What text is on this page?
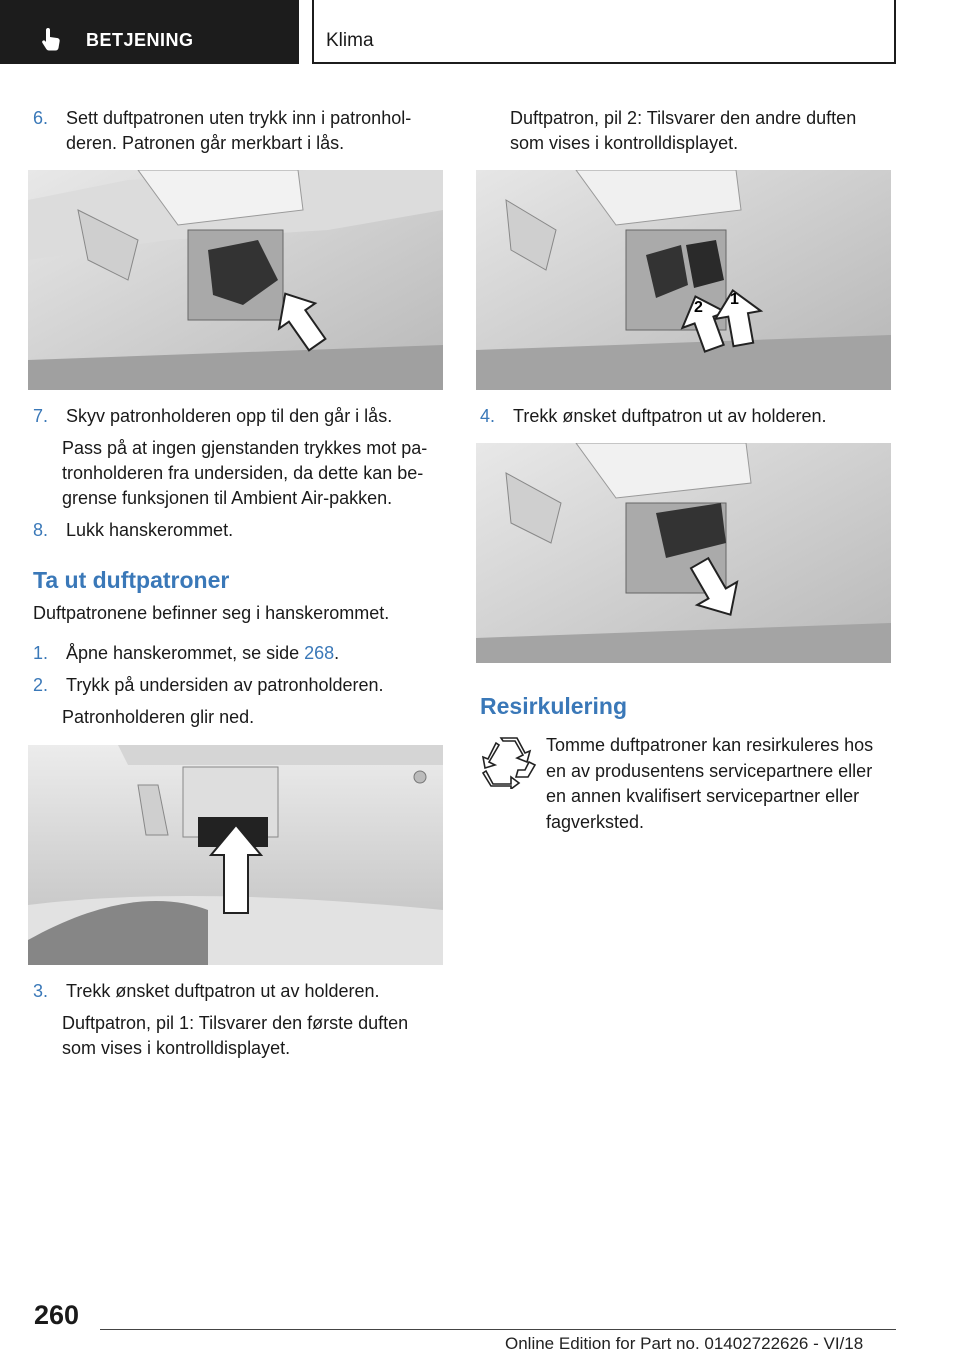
BETJENING	Klima
6. Sett duftpatronen uten trykk inn i patronholderen. Patronen går merkbart i lås.
7. Skyv patronholderen opp til den går i lås.
Pass på at ingen gjenstanden trykkes mot patronholderen fra undersiden, da dette kan begrense funksjonen til Ambient Air-pakken.
8. Lukk hanskerommet.
Ta ut duftpatroner
Duftpatronene befinner seg i hanskerommet.
1. Åpne hanskerommet, se side 268.
2. Trykk på undersiden av patronholderen.
Patronholderen glir ned.
3. Trekk ønsket duftpatron ut av holderen.
Duftpatron, pil 1: Tilsvarer den første duften som vises i kontrolldisplayet.
Duftpatron, pil 2: Tilsvarer den andre duften som vises i kontrolldisplayet.
2 1
4. Trekk ønsket duftpatron ut av holderen.
Resirkulering
Tomme duftpatroner kan resirkuleres hos en av produsentens servicepartnere eller en annen kvalifisert servicepartner eller fagverksted.
260
Online Edition for Part no. 01402722626 - VI/18
